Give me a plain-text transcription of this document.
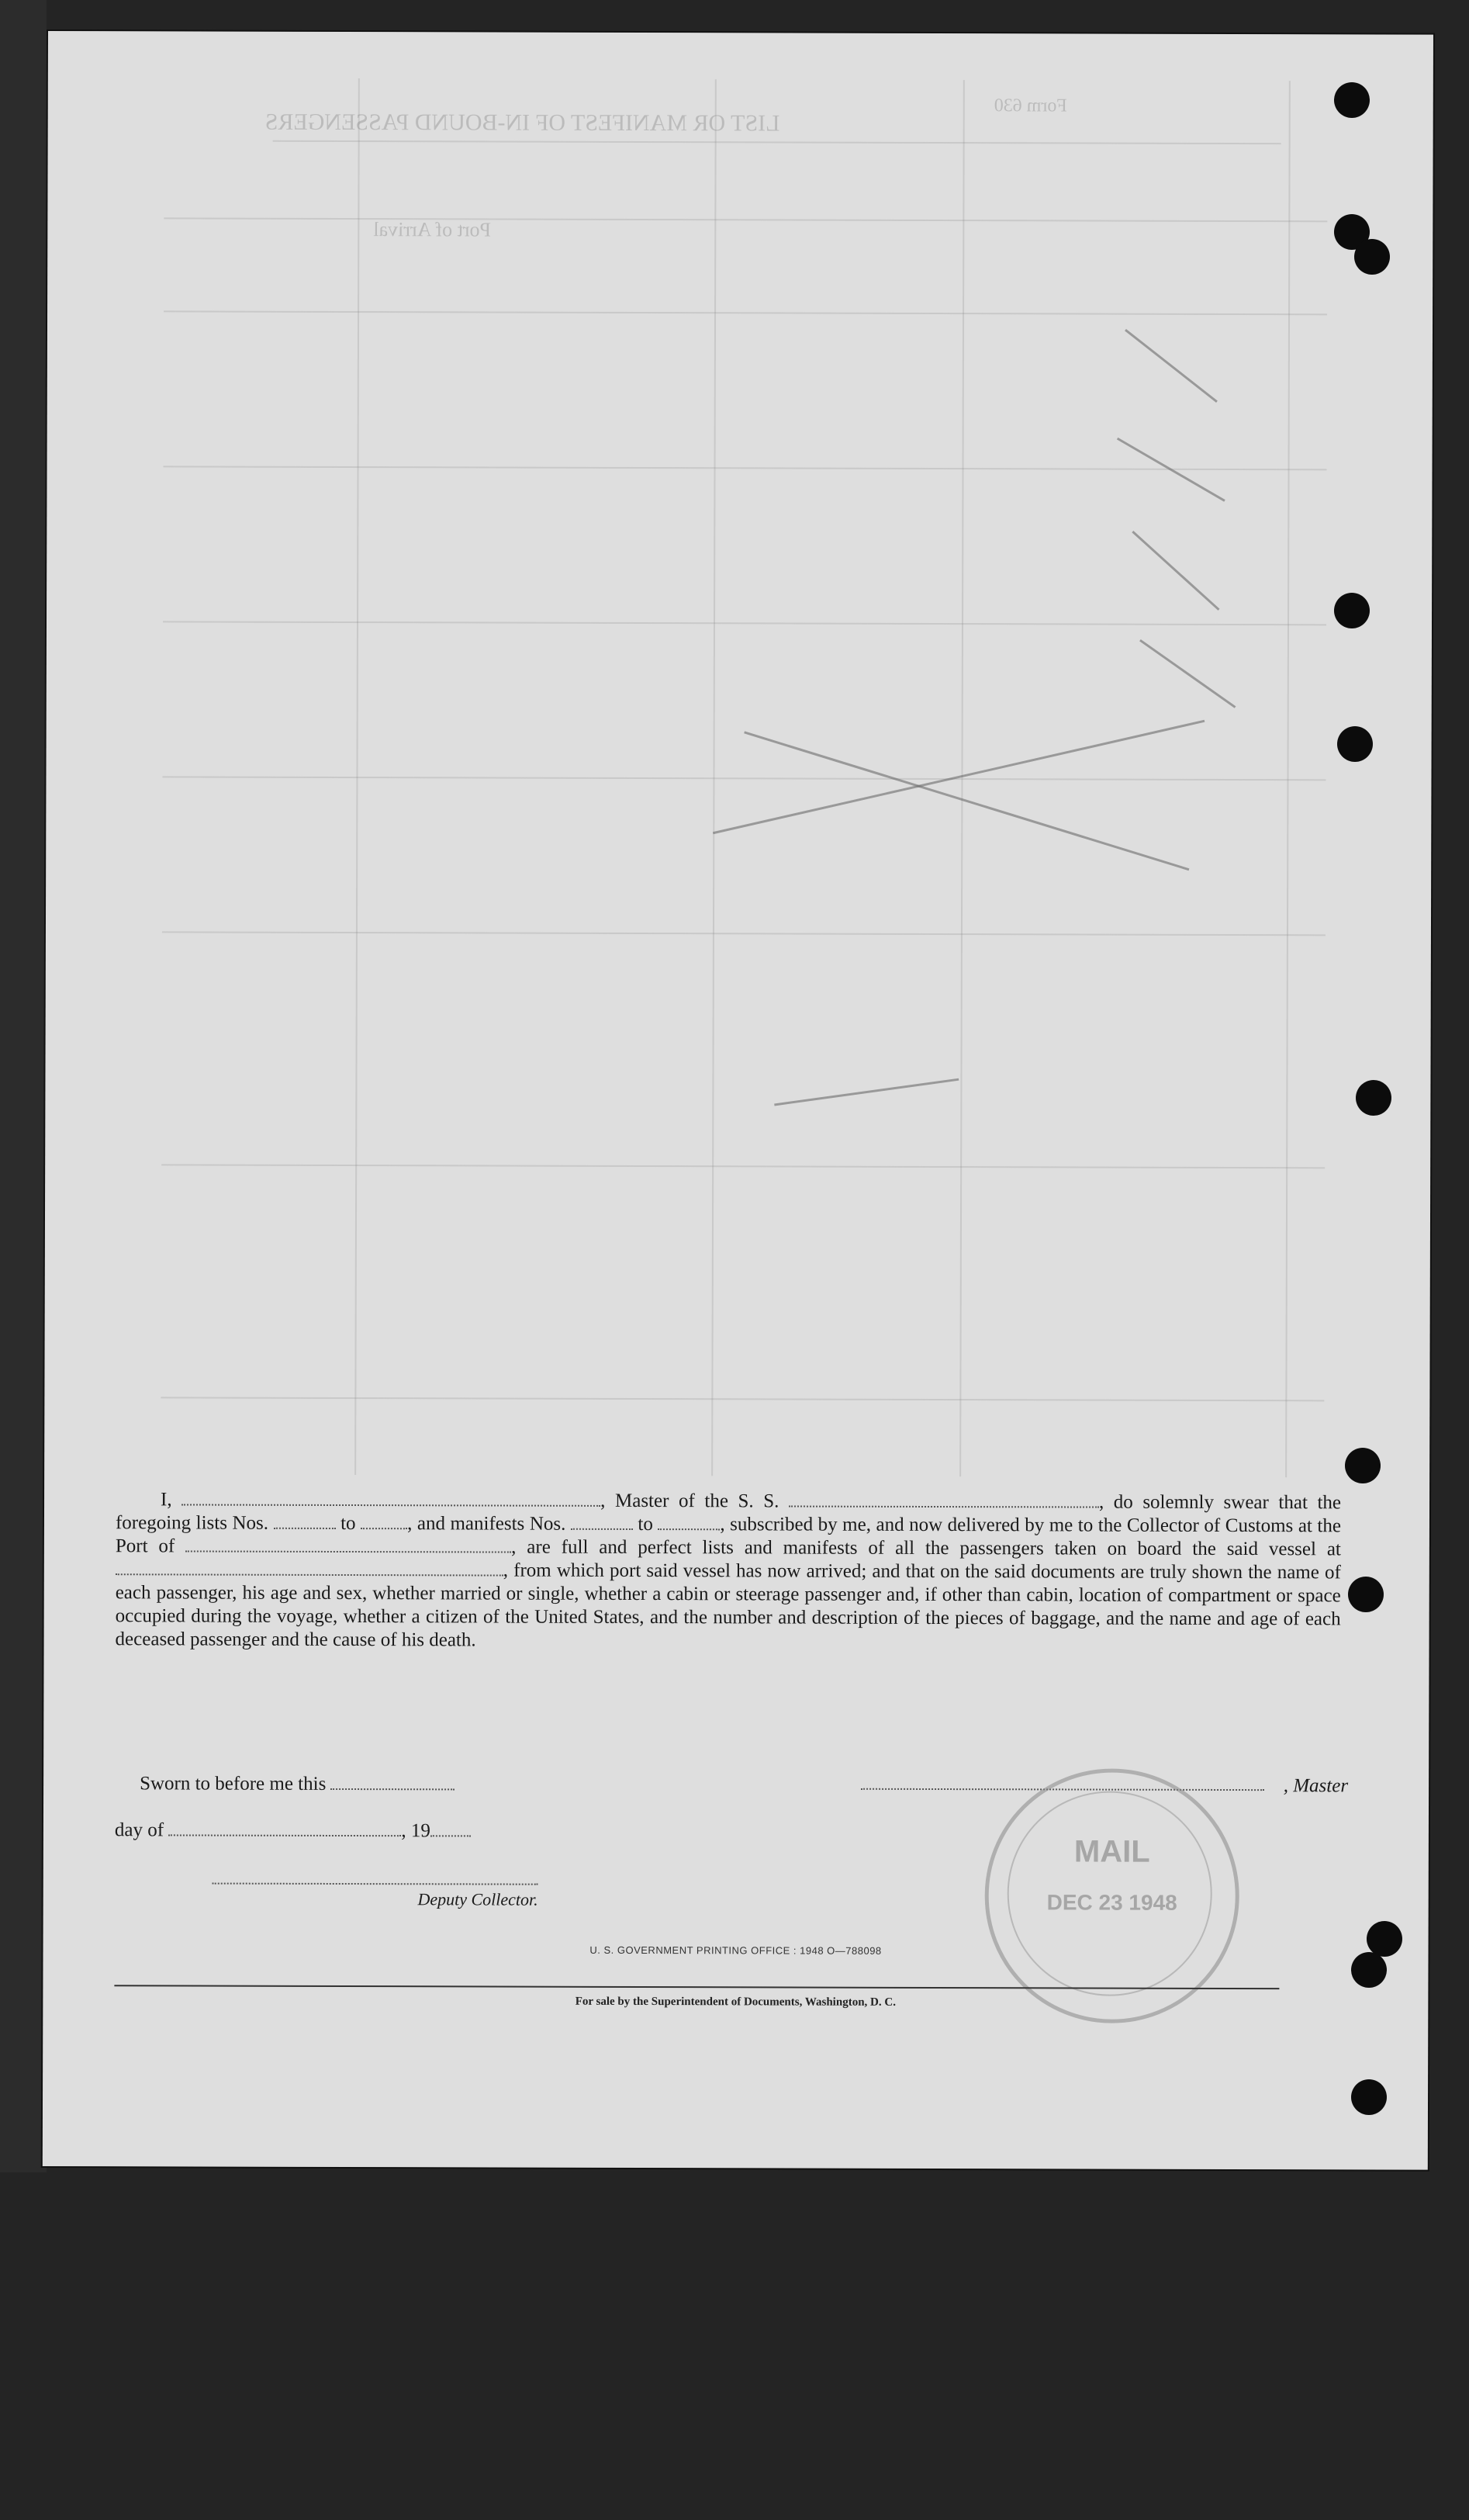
LIST OR MANIFEST OF IN-BOUND PASSENGERS
Form 630
Port of Arrival

I,	, Master of the S. S.	, do solemnly swear that the foregoing lists Nos.	to	, and manifests Nos.	to	, subscribed by me, and now delivered by me to the Collector of Customs at the Port of	, are full and perfect lists and manifests of all the passengers taken on board the said vessel at , from which port said vessel has now arrived; and that on the said documents are truly shown the name of each passenger, his age and sex, whether married or single, whether a cabin or steerage passenger and, if other than cabin, location of compartment or space occupied during the voyage, whether a citizen of the United States, and the number and description of the pieces of baggage, and the name and age of each deceased passenger and the cause of his death.

Sworn to before me this	, Master
day of	, 19
Deputy Collector.
MAIL
DEC 23 1948
U. S. GOVERNMENT PRINTING OFFICE : 1948 O—788098
For sale by the Superintendent of Documents, Washington, D. C.
